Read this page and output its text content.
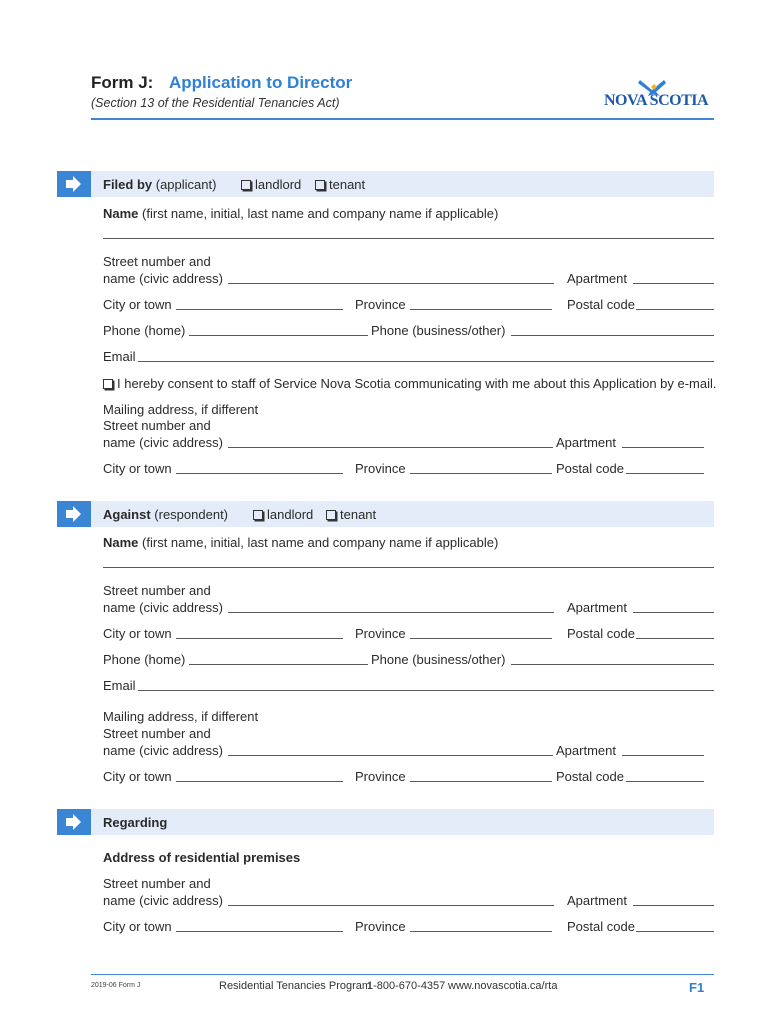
Form J: Application to Director
(Section 13 of the Residential Tenancies Act)	NOVA SCOTIA
Filed by (applicant)	landlord	tenant
Name (first name, initial, last name and company name if applicable)
Street number and
name (civic address)	Apartment
City or town	Province	Postal code
Phone (home)	Phone (business/other)
Email
I hereby consent to staff of Service Nova Scotia communicating with me about this Application by e-mail.
Mailing address, if different
Street number and
name (civic address)	Apartment
City or town	Province	Postal code
Against (respondent)	landlord	tenant
Name (first name, initial, last name and company name if applicable)
Street number and
name (civic address)	Apartment
City or town	Province	Postal code
Phone (home)	Phone (business/other)
Email
Mailing address, if different
Street number and
name (civic address)	Apartment
City or town	Province	Postal code
Regarding
Address of residential premises
Street number and
name (civic address)	Apartment
City or town	Province	Postal code
2019-06 Form J	Residential Tenancies Program
1-800-670-4357 www.novascotia.ca/rta	F1
